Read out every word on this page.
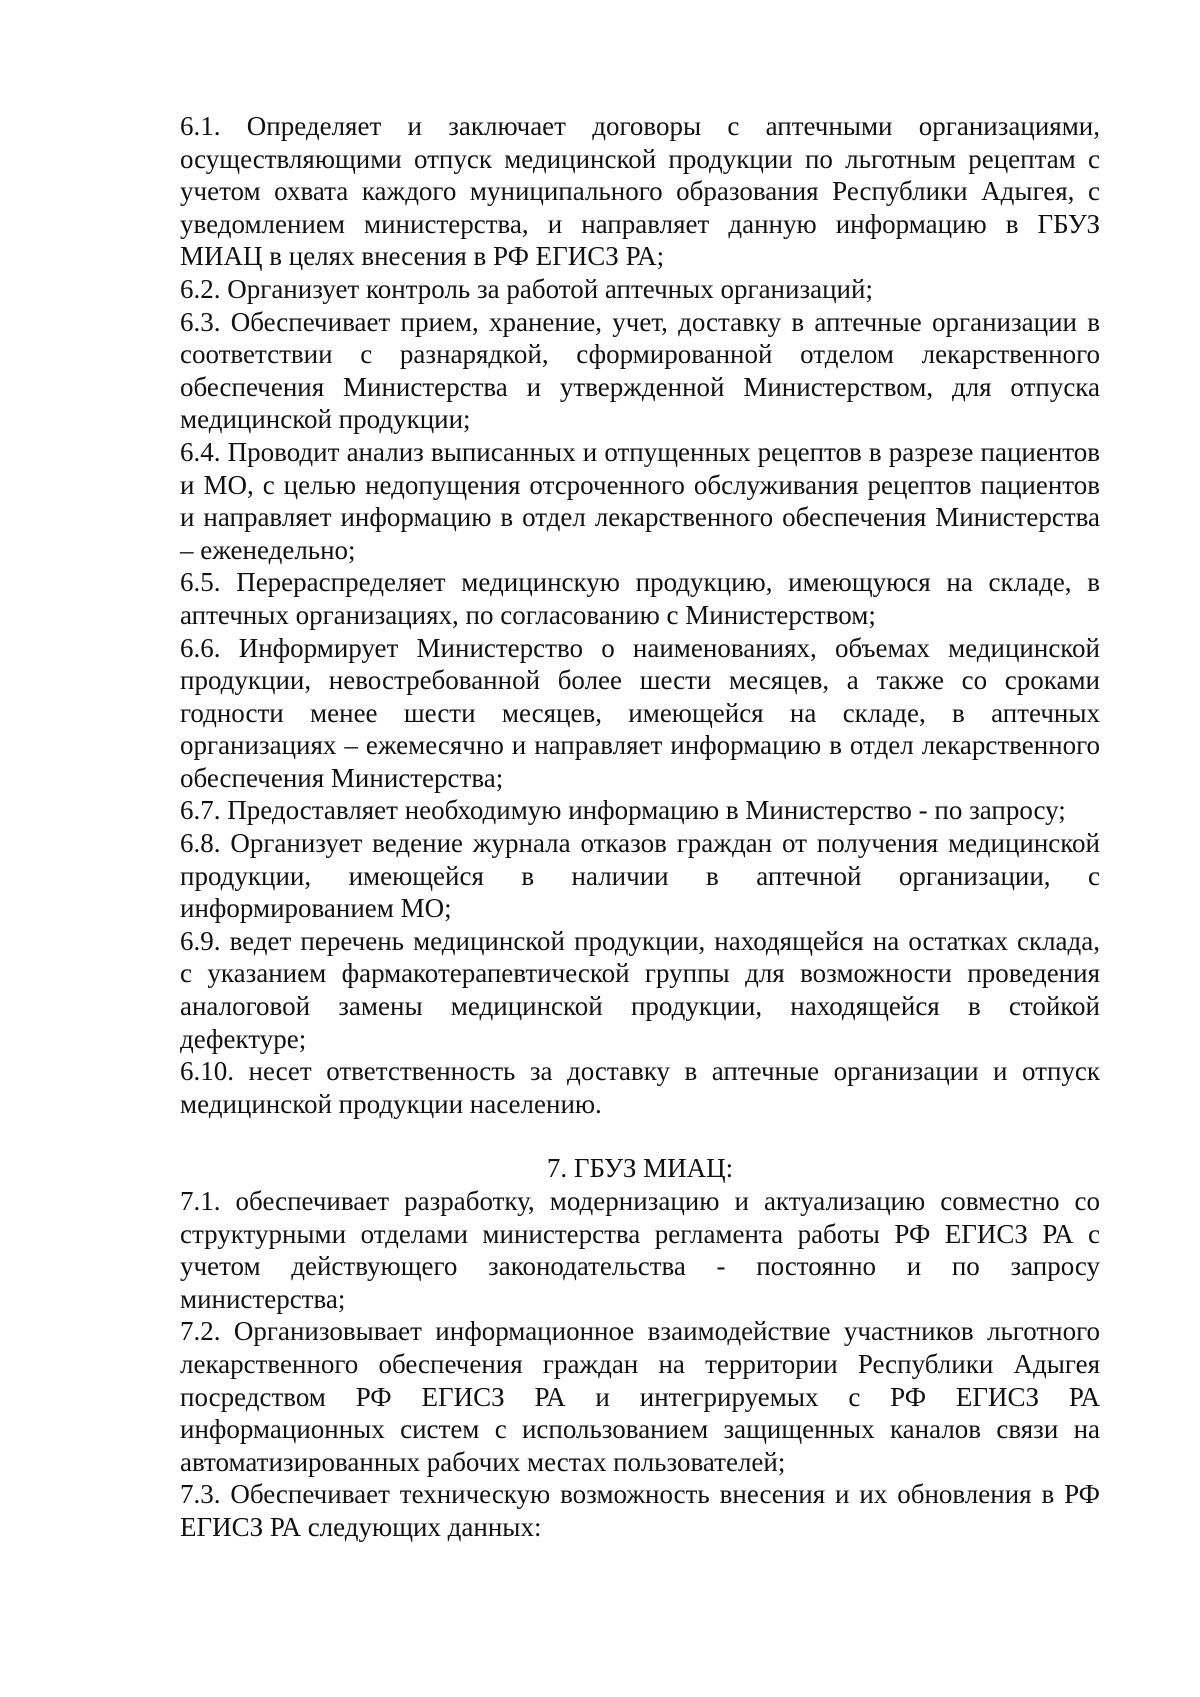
6.1. Определяет и заключает договоры с аптечными организациями, осуществляющими отпуск медицинской продукции по льготным рецептам с учетом охвата каждого муниципального образования Республики Адыгея, с уведомлением министерства, и направляет данную информацию в ГБУЗ МИАЦ в целях внесения в РФ ЕГИСЗ РА;

6.2. Организует контроль за работой аптечных организаций;

6.3. Обеспечивает прием, хранение, учет, доставку в аптечные организации в соответствии с разнарядкой, сформированной отделом лекарственного обеспечения Министерства и утвержденной Министерством, для отпуска медицинской продукции;

6.4. Проводит анализ выписанных и отпущенных рецептов в разрезе пациентов и МО, с целью недопущения отсроченного обслуживания рецептов пациентов и направляет информацию в отдел лекарственного обеспечения Министерства – еженедельно;

6.5. Перераспределяет медицинскую продукцию, имеющуюся на складе, в аптечных организациях, по согласованию с Министерством;

6.6. Информирует Министерство о наименованиях, объемах медицинской продукции, невостребованной более шести месяцев, а также со сроками годности менее шести месяцев, имеющейся на складе, в аптечных организациях – ежемесячно и направляет информацию в отдел лекарственного обеспечения Министерства;

6.7. Предоставляет необходимую информацию в Министерство - по запросу;

6.8. Организует ведение журнала отказов граждан от получения медицинской продукции, имеющейся в наличии в аптечной организации, с информированием МО;

6.9. ведет перечень медицинской продукции, находящейся на остатках склада, с указанием фармакотерапевтической группы для возможности проведения аналоговой замены медицинской продукции, находящейся в стойкой дефектуре;

6.10. несет ответственность за доставку в аптечные организации и отпуск медицинской продукции населению.

7. ГБУЗ МИАЦ:

7.1. обеспечивает разработку, модернизацию и актуализацию совместно со структурными отделами министерства регламента работы РФ ЕГИСЗ РА с учетом действующего законодательства - постоянно и по запросу министерства;

7.2. Организовывает информационное взаимодействие участников льготного лекарственного обеспечения граждан на территории Республики Адыгея посредством РФ ЕГИСЗ РА и интегрируемых с РФ ЕГИСЗ РА информационных систем с использованием защищенных каналов связи на автоматизированных рабочих местах пользователей;

7.3. Обеспечивает техническую возможность внесения и их обновления в РФ ЕГИСЗ РА следующих данных:
